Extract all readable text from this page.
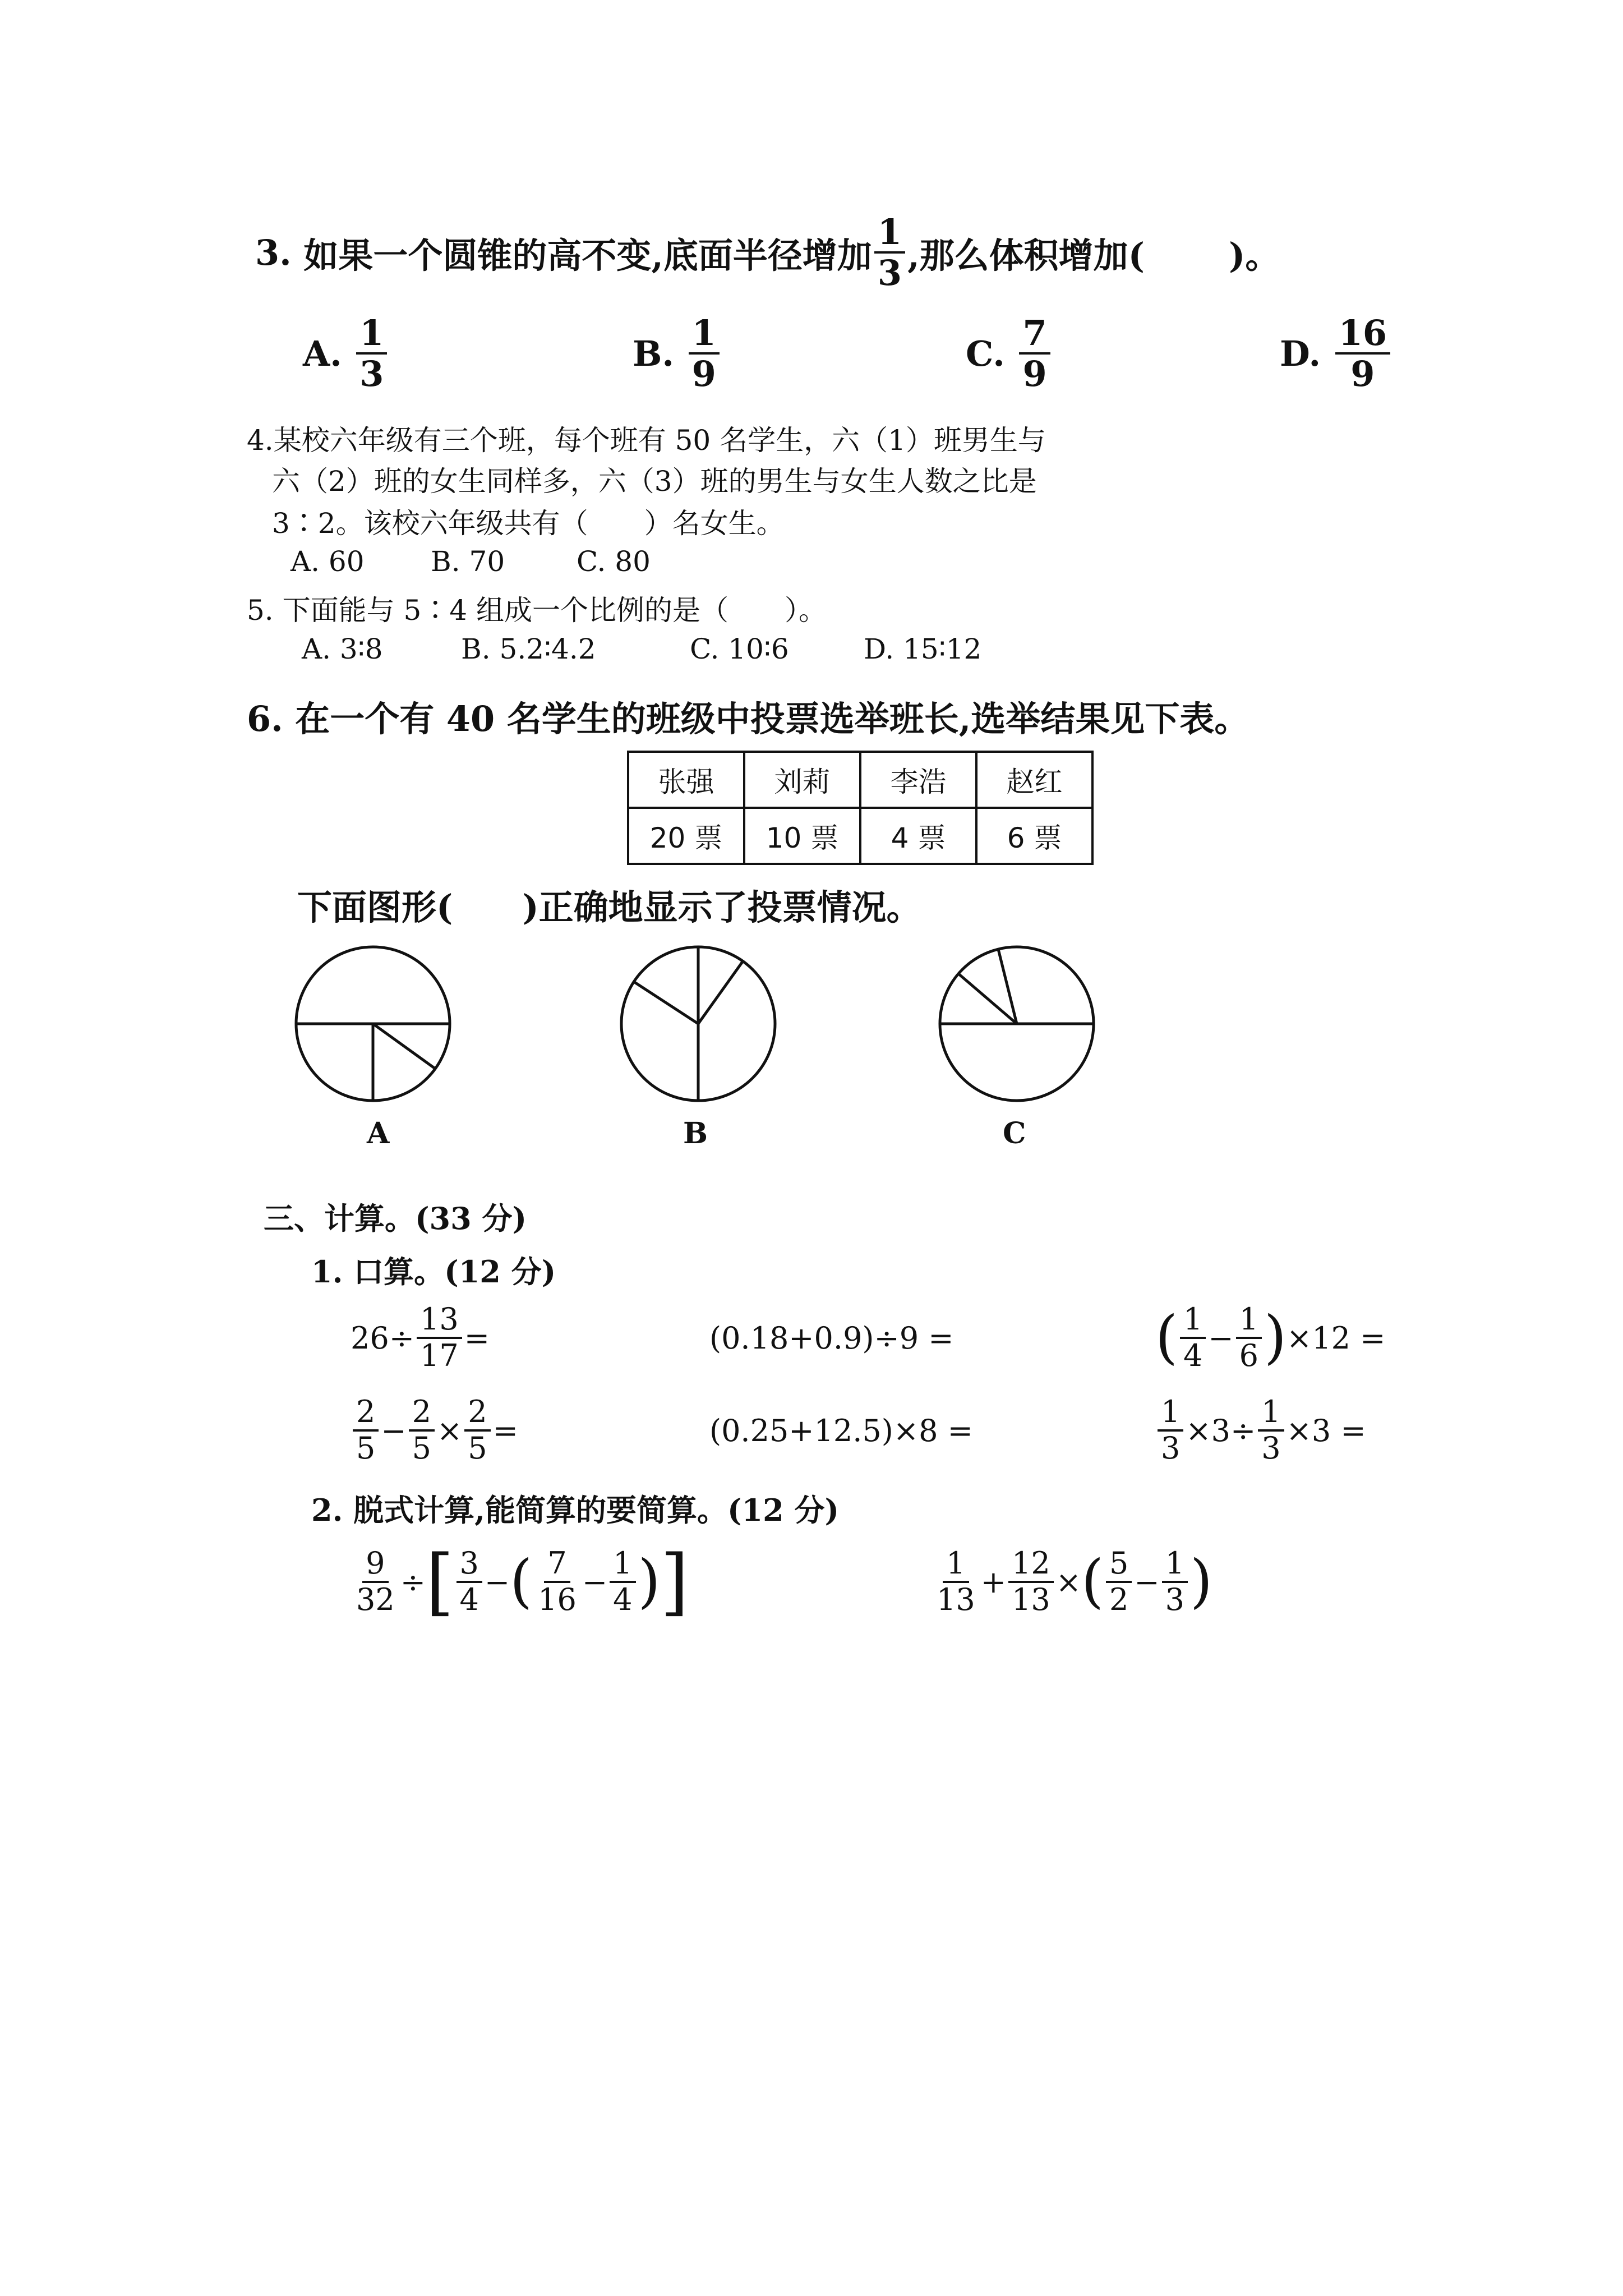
3.
如果一个圆锥的高不变,底面半径增加 $\frac{1}{3}$ ,那么体积增加( )。
A.
$\frac{1}{3}$	B.
$\frac{1}{9}$	C.
$\frac{7}{9}$	D.
$\frac{16}{9}$
4.某校六年级有三个班，每个班有 50 名学生，六（1）班男生与
六（2）班的女生同样多，六（3）班的男生与女生人数之比是
3∶2。该校六年级共有（　　）名女生。
A. 60 B. 70	C. 80
5. 下面能与 5∶4 组成一个比例的是（　　）。
A. 3∶8	B. 5.2∶4.2	C. 10∶6	D. 15∶12
6. 在一个有 40 名学生的班级中投票选举班长,选举结果见下表。
张强	刘莉	李浩	赵红
20 票	10 票	4 票	6 票
下面图形(　　)正确地显示了投票情况。
A	B	C
三、计算。(33 分)
1. 口算。(12 分)
$26\div \frac{13}{17}$ =	(0.18+0.9)÷9 =	( $\frac{1}{4} - \frac{1}{6}$ ) ×12 =
$\frac{2}{5} - \frac{2}{5} \times \frac{2}{5}$ =	(0.25+12.5)×8 =	$\frac{1}{3} \times 3\div \frac{1}{3} \times 3$ =
2. 脱式计算,能简算的要简算。(12 分)
$\frac{9}{32}$ ÷ [ $\frac{3}{4}$ − ( $\frac{7}{16} - \frac{1}{4}$ ) ]	$\frac{1}{13} + \frac{12}{13}$ × ( $\frac{5}{2} - \frac{1}{3}$ )
